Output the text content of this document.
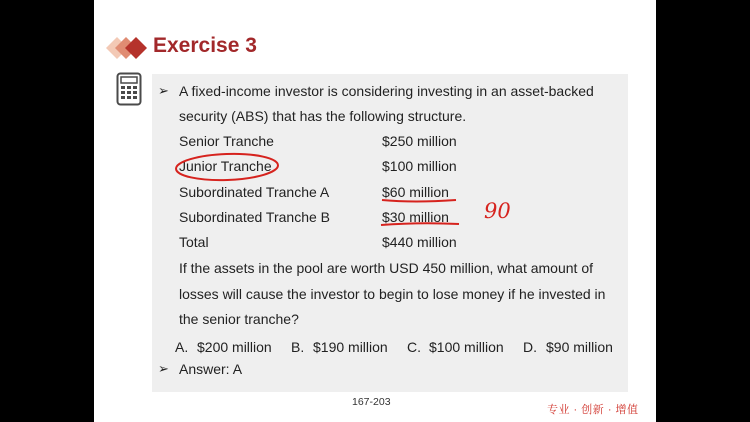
Exercise 3
➢ A fixed-income investor is considering investing in an asset-backed
security (ABS) that has the following structure.
Senior Tranche	$250 million
Junior Tranche	$100 million
Subordinated Tranche A	$60 million
Subordinated Tranche B	$30 million
Total	$440 million
If the assets in the pool are worth USD 450 million, what amount of
losses will cause the investor to begin to lose money if he invested in
the senior tranche?
A. $200 million B. $190 million C. $100 million D. $90 million
➢ Answer: A
90
167-203
专业 · 创新 · 增值
